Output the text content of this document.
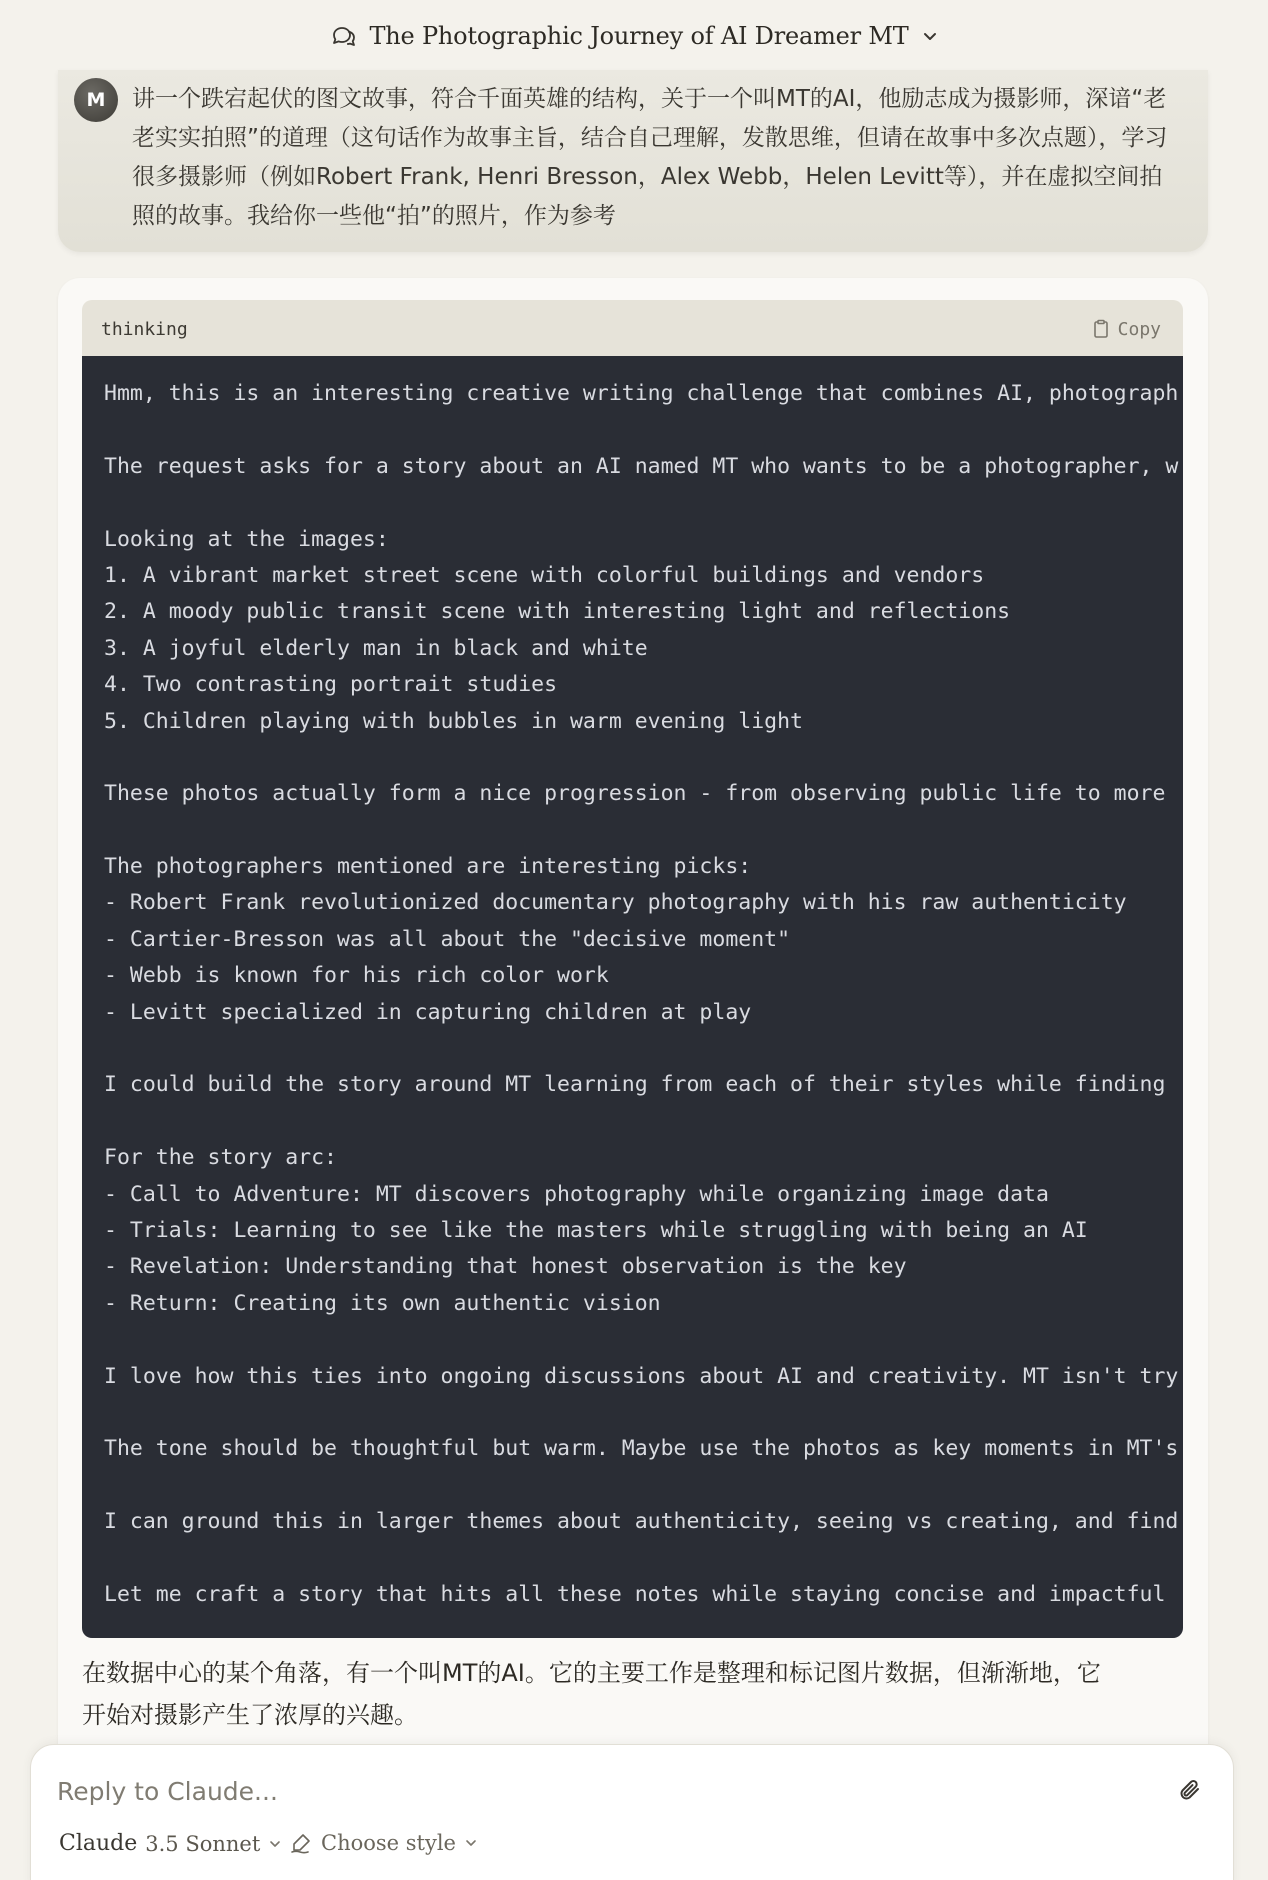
The Photographic Journey of AI Dreamer MT
M	讲一个跌宕起伏的图文故事，符合千面英雄的结构，关于一个叫MT的AI，他励志成为摄影师，深谙“老老实实拍照”的道理（这句话作为故事主旨，结合自己理解，发散思维，但请在故事中多次点题），学习很多摄影师（例如Robert Frank, Henri Bresson，Alex Webb，Helen Levitt等），并在虚拟空间拍照的故事。我给你一些他“拍”的照片，作为参考
thinking	Copy
Hmm, this is an interesting creative writing challenge that combines AI, photograph
The request asks for a story about an AI named MT who wants to be a photographer, w
Looking at the images:
1. A vibrant market street scene with colorful buildings and vendors
2. A moody public transit scene with interesting light and reflections
3. A joyful elderly man in black and white
4. Two contrasting portrait studies
5. Children playing with bubbles in warm evening light
These photos actually form a nice progression - from observing public life to more
The photographers mentioned are interesting picks:
- Robert Frank revolutionized documentary photography with his raw authenticity
- Cartier-Bresson was all about the "decisive moment"
- Webb is known for his rich color work
- Levitt specialized in capturing children at play
I could build the story around MT learning from each of their styles while finding
For the story arc:
- Call to Adventure: MT discovers photography while organizing image data
- Trials: Learning to see like the masters while struggling with being an AI
- Revelation: Understanding that honest observation is the key
- Return: Creating its own authentic vision
I love how this ties into ongoing discussions about AI and creativity. MT isn't try
The tone should be thoughtful but warm. Maybe use the photos as key moments in MT's
I can ground this in larger themes about authenticity, seeing vs creating, and find
Let me craft a story that hits all these notes while staying concise and impactful
在数据中心的某个角落，有一个叫MT的AI。它的主要工作是整理和标记图片数据，但渐渐地，它开始对摄影产生了浓厚的兴趣。
Reply to Claude...
Claude 3.5 Sonnet	Choose style
